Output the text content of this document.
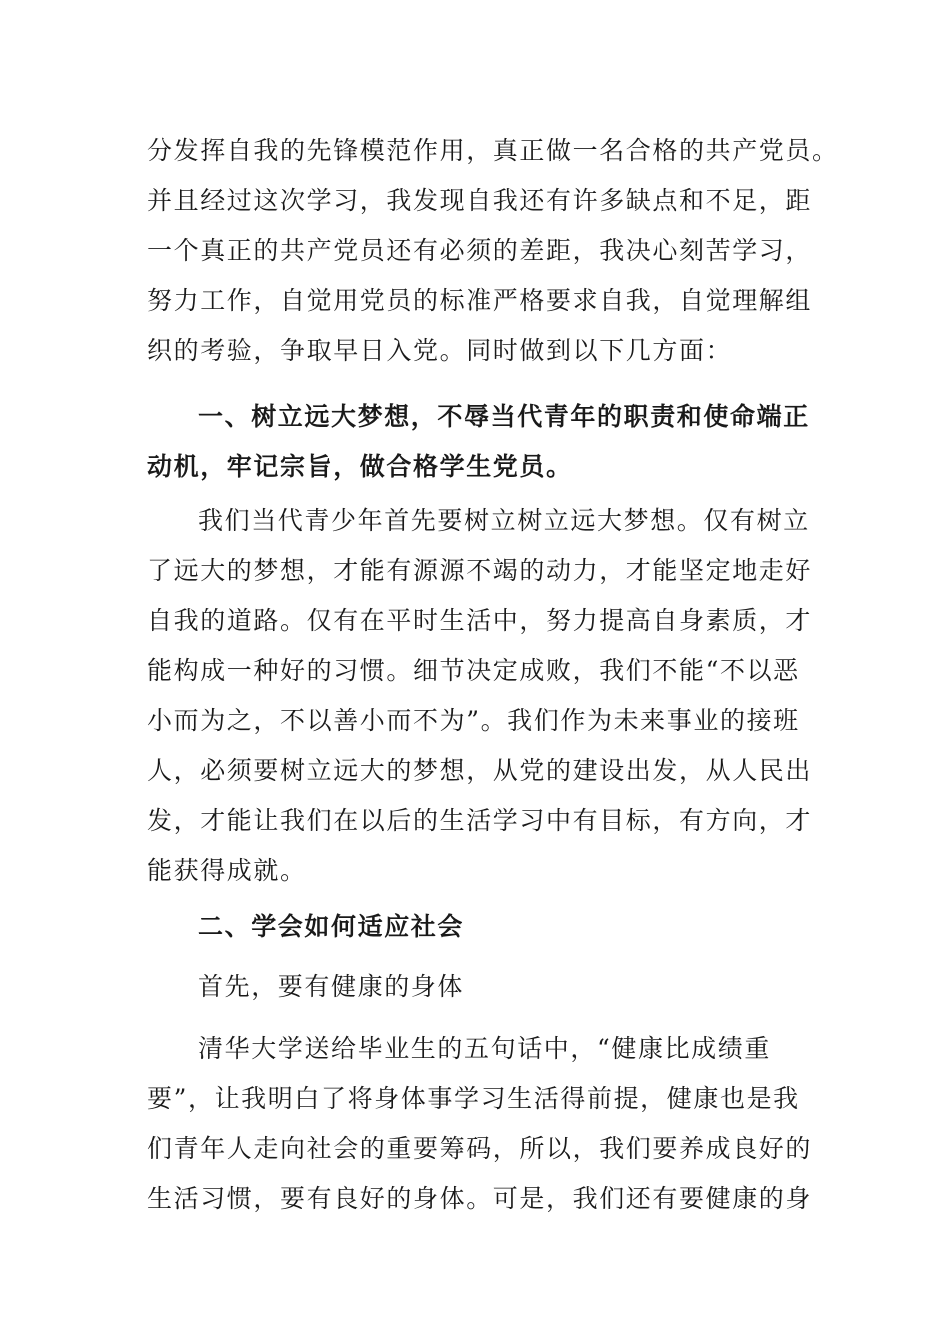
分发挥自我的先锋模范作用，真正做一名合格的共产党员。
并且经过这次学习，我发现自我还有许多缺点和不足，距
一个真正的共产党员还有必须的差距，我决心刻苦学习，
努力工作，自觉用党员的标准严格要求自我，自觉理解组
织的考验，争取早日入党。同时做到以下几方面：
一、树立远大梦想，不辱当代青年的职责和使命端正
动机，牢记宗旨，做合格学生党员。
我们当代青少年首先要树立树立远大梦想。仅有树立
了远大的梦想，才能有源源不竭的动力，才能坚定地走好
自我的道路。仅有在平时生活中，努力提高自身素质，才
能构成一种好的习惯。细节决定成败，我们不能“不以恶
小而为之，不以善小而不为”。我们作为未来事业的接班
人，必须要树立远大的梦想，从党的建设出发，从人民出
发，才能让我们在以后的生活学习中有目标，有方向，才
能获得成就。
二、学会如何适应社会
首先，要有健康的身体
清华大学送给毕业生的五句话中，“健康比成绩重
要”，让我明白了将身体事学习生活得前提，健康也是我
们青年人走向社会的重要筹码，所以，我们要养成良好的
生活习惯，要有良好的身体。可是，我们还有要健康的身
